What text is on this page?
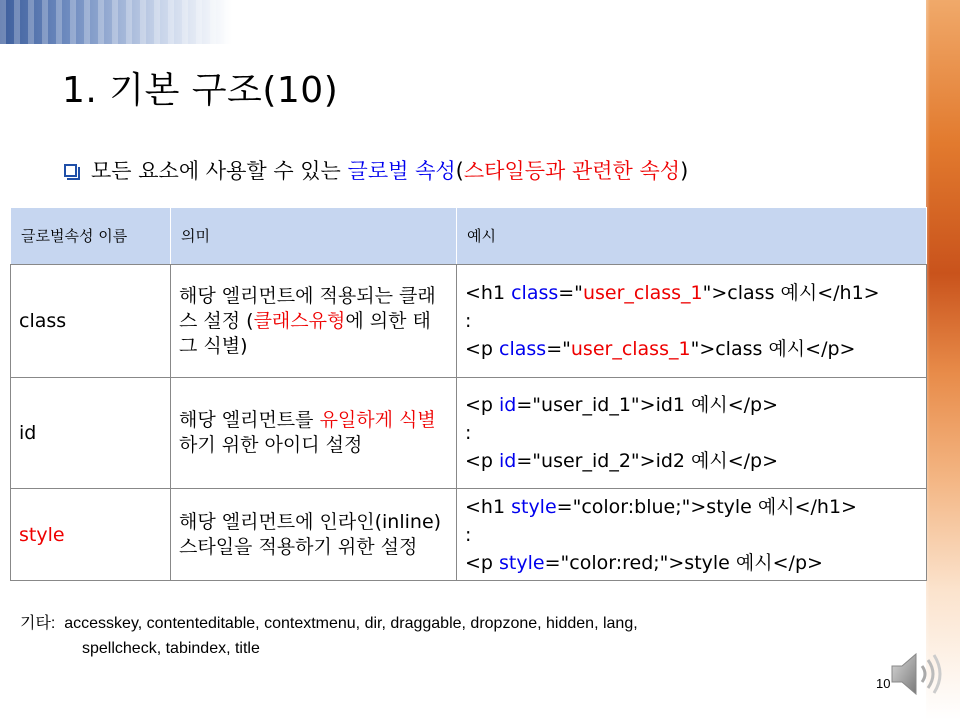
1. 기본 구조(10)
모든 요소에 사용할 수 있는 글로벌 속성(스타일등과 관련한 속성)
글로벌속성 이름	의미	예시
class	해당 엘리먼트에 적용되는 클래스 설정 (클래스유형에 의한 태그 식별)	<h1 class="user_class_1">class 예시</h1>
:
<p class="user_class_1">class 예시</p>

id	해당 엘리먼트를 유일하게 식별하기 위한 아이디 설정	<p id="user_id_1">id1 예시</p>
:
<p id="user_id_2">id2 예시</p>

style	해당 엘리먼트에 인라인(inline) 스타일을 적용하기 위한 설정	<h1 style="color:blue;">style 예시</h1>
:
<p style="color:red;">style 예시</p>
기타: accesskey, contenteditable, contextmenu, dir, draggable, dropzone, hidden, lang,
spellcheck, tabindex, title
10
